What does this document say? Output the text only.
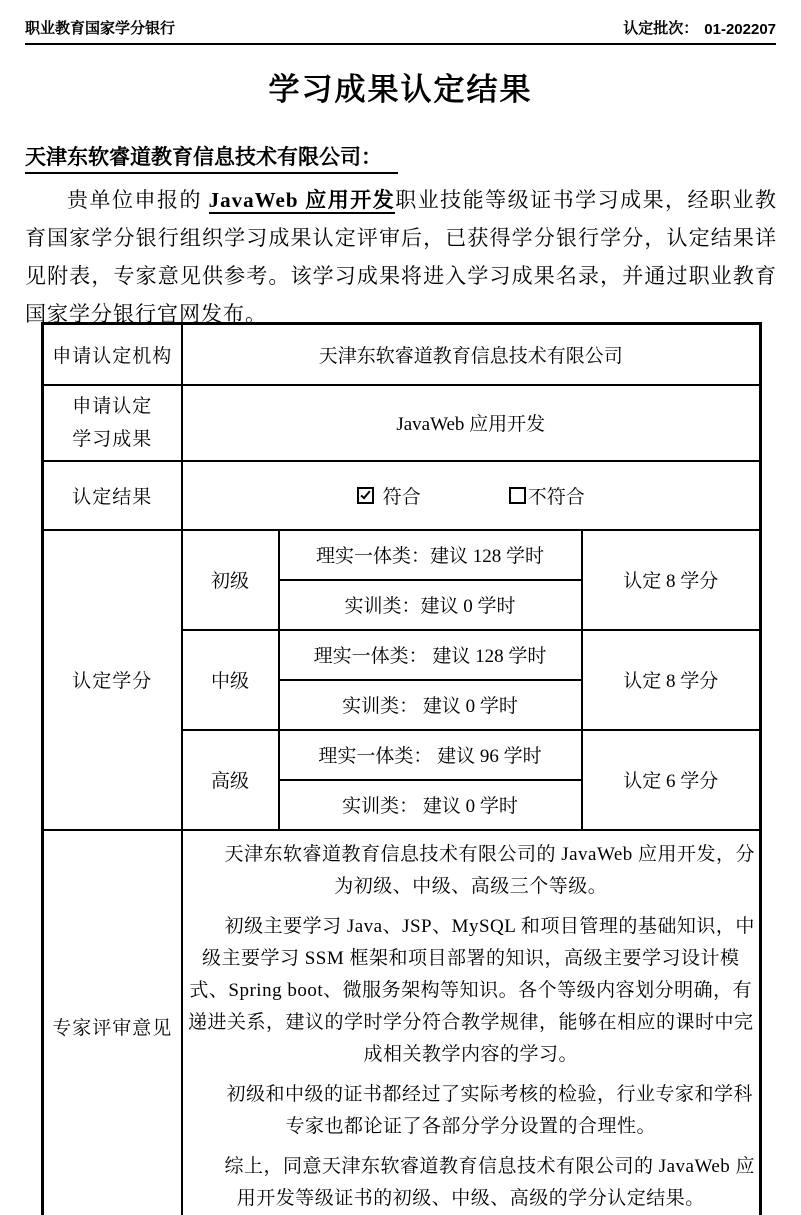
职业教育国家学分银行	认定批次： 01-202207
学习成果认定结果
天津东软睿道教育信息技术有限公司：
贵单位申报的 JavaWeb 应用开发职业技能等级证书学习成果，经职业教育国家学分银行组织学习成果认定评审后，已获得学分银行学分，认定结果详见附表，专家意见供参考。该学习成果将进入学习成果名录，并通过职业教育国家学分银行官网发布。
申请认定机构	天津东软睿道教育信息技术有限公司		

申请认定
学习成果	JavaWeb 应用开发		
认定结果	符合 不符合		

认定学分	初级	理实一体类：建议 128 学时	认定 8 学分
		实训类：建议 0 学时	
	中级	理实一体类： 建议 128 学时	认定 8 学分
		实训类： 建议 0 学时	
	高级	理实一体类： 建议 96 学时	认定 6 学分
		实训类： 建议 0 学时	
专家评审意见	天津东软睿道教育信息技术有限公司的 JavaWeb 应用开发，分为初级、中级、高级三个等级。

初级主要学习 Java、JSP、MySQL 和项目管理的基础知识，中级主要学习 SSM 框架和项目部署的知识，高级主要学习设计模式、Spring boot、微服务架构等知识。各个等级内容划分明确，有递进关系，建议的学时学分符合教学规律，能够在相应的课时中完成相关教学内容的学习。

初级和中级的证书都经过了实际考核的检验，行业专家和学科专家也都论证了各部分学分设置的合理性。

综上，同意天津东软睿道教育信息技术有限公司的 JavaWeb 应用开发等级证书的初级、中级、高级的学分认定结果。		
